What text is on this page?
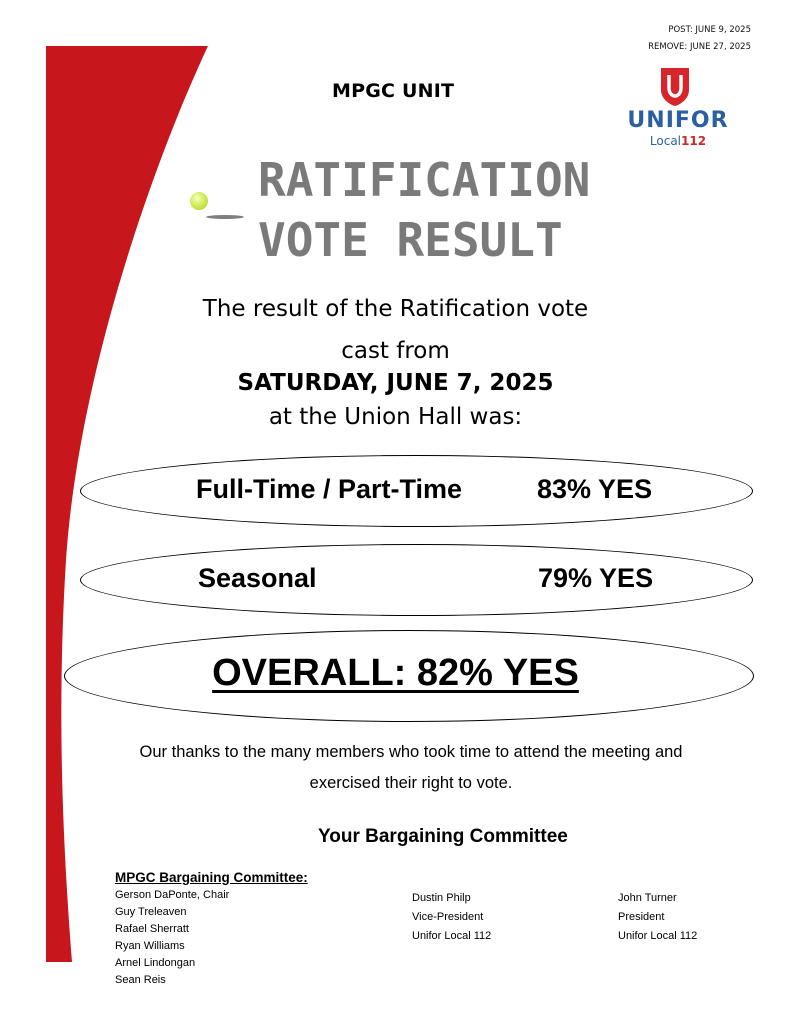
POST: JUNE 9, 2025
REMOVE: JUNE 27, 2025
MPGC UNIT
UNIFOR
Local112
RATIFICATION
VOTE RESULT
The result of the Ratification vote
cast from
SATURDAY, JUNE 7, 2025
at the Union Hall was:
Full-Time / Part-Time	83% YES
Seasonal	79% YES
OVERALL: 82% YES
Our thanks to the many members who took time to attend the meeting and
exercised their right to vote.
Your Bargaining Committee
MPGC Bargaining Committee:
Gerson DaPonte, Chair
Guy Treleaven
Rafael Sherratt
Ryan Williams
Arnel Lindongan
Sean Reis
Dustin Philp
Vice-President
Unifor Local 112
John Turner
President
Unifor Local 112
